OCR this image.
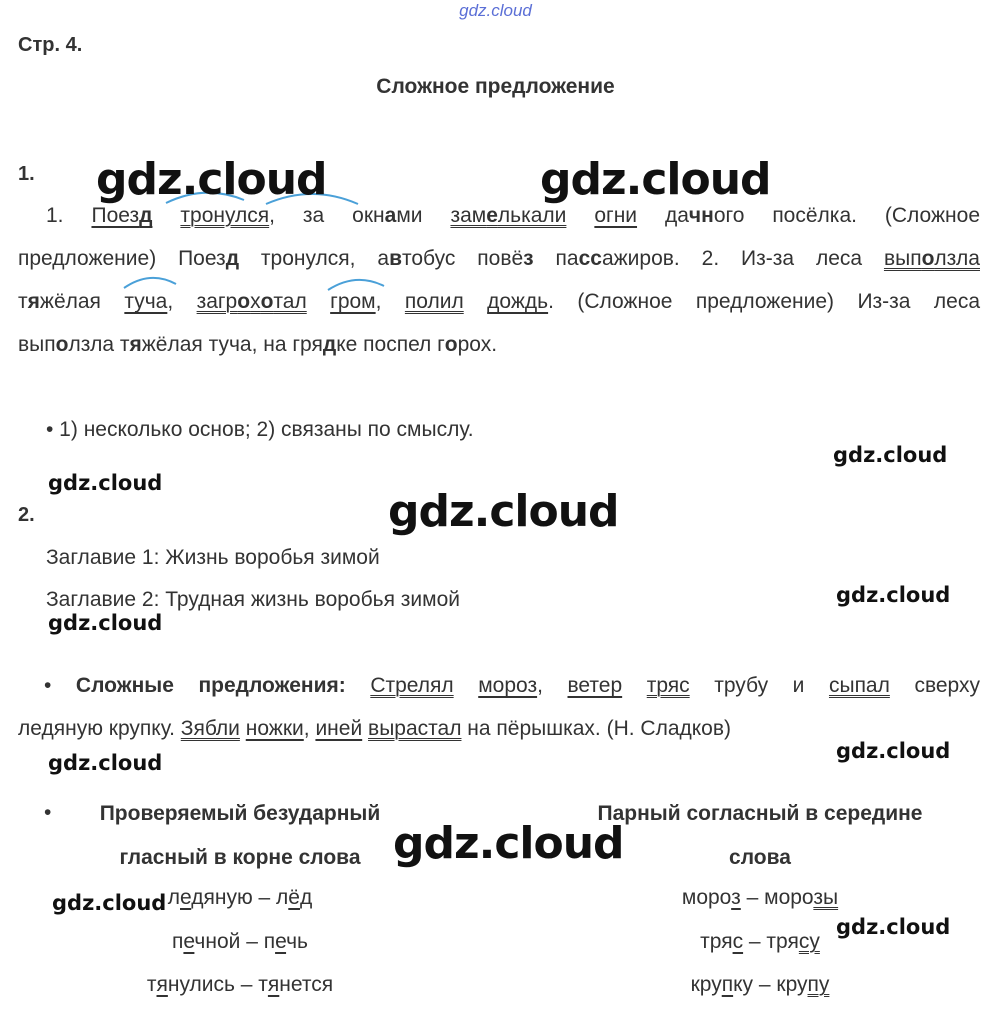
gdz.cloud
Стр. 4.
Сложное предложение
1.
1. Поезд тронулся, за окнами замелькали огни дачного посёлка. (Сложное
предложение) Поезд тронулся, автобус повёз пассажиров. 2. Из-за леса выползла
тяжёлая туча, загрохотал гром, полил дождь. (Сложное предложение) Из-за леса
выползла тяжёлая туча, на грядке поспел горох.
• 1) несколько основ; 2) связаны по смыслу.
2.
Заглавие 1: Жизнь воробья зимой
Заглавие 2: Трудная жизнь воробья зимой
• Сложные предложения: Стрелял мороз, ветер тряс трубу и сыпал сверху
ледяную крупку. Зябли ножки, иней вырастал на пёрышках. (Н. Сладков)
•	Проверяемый безударный
гласный в корне слова
Парный согласный в середине
слова
ледяную – лёд
печной – печь
тянулись – тянется
мороз – морозы
тряс – трясу
крупку – крупу
gdz.cloud	gdz.cloud
gdz.cloud
gdz.cloud
gdz.cloud
gdz.cloud
gdz.cloud
gdz.cloud
gdz.cloud
gdz.cloud
gdz.cloud
gdz.cloud
